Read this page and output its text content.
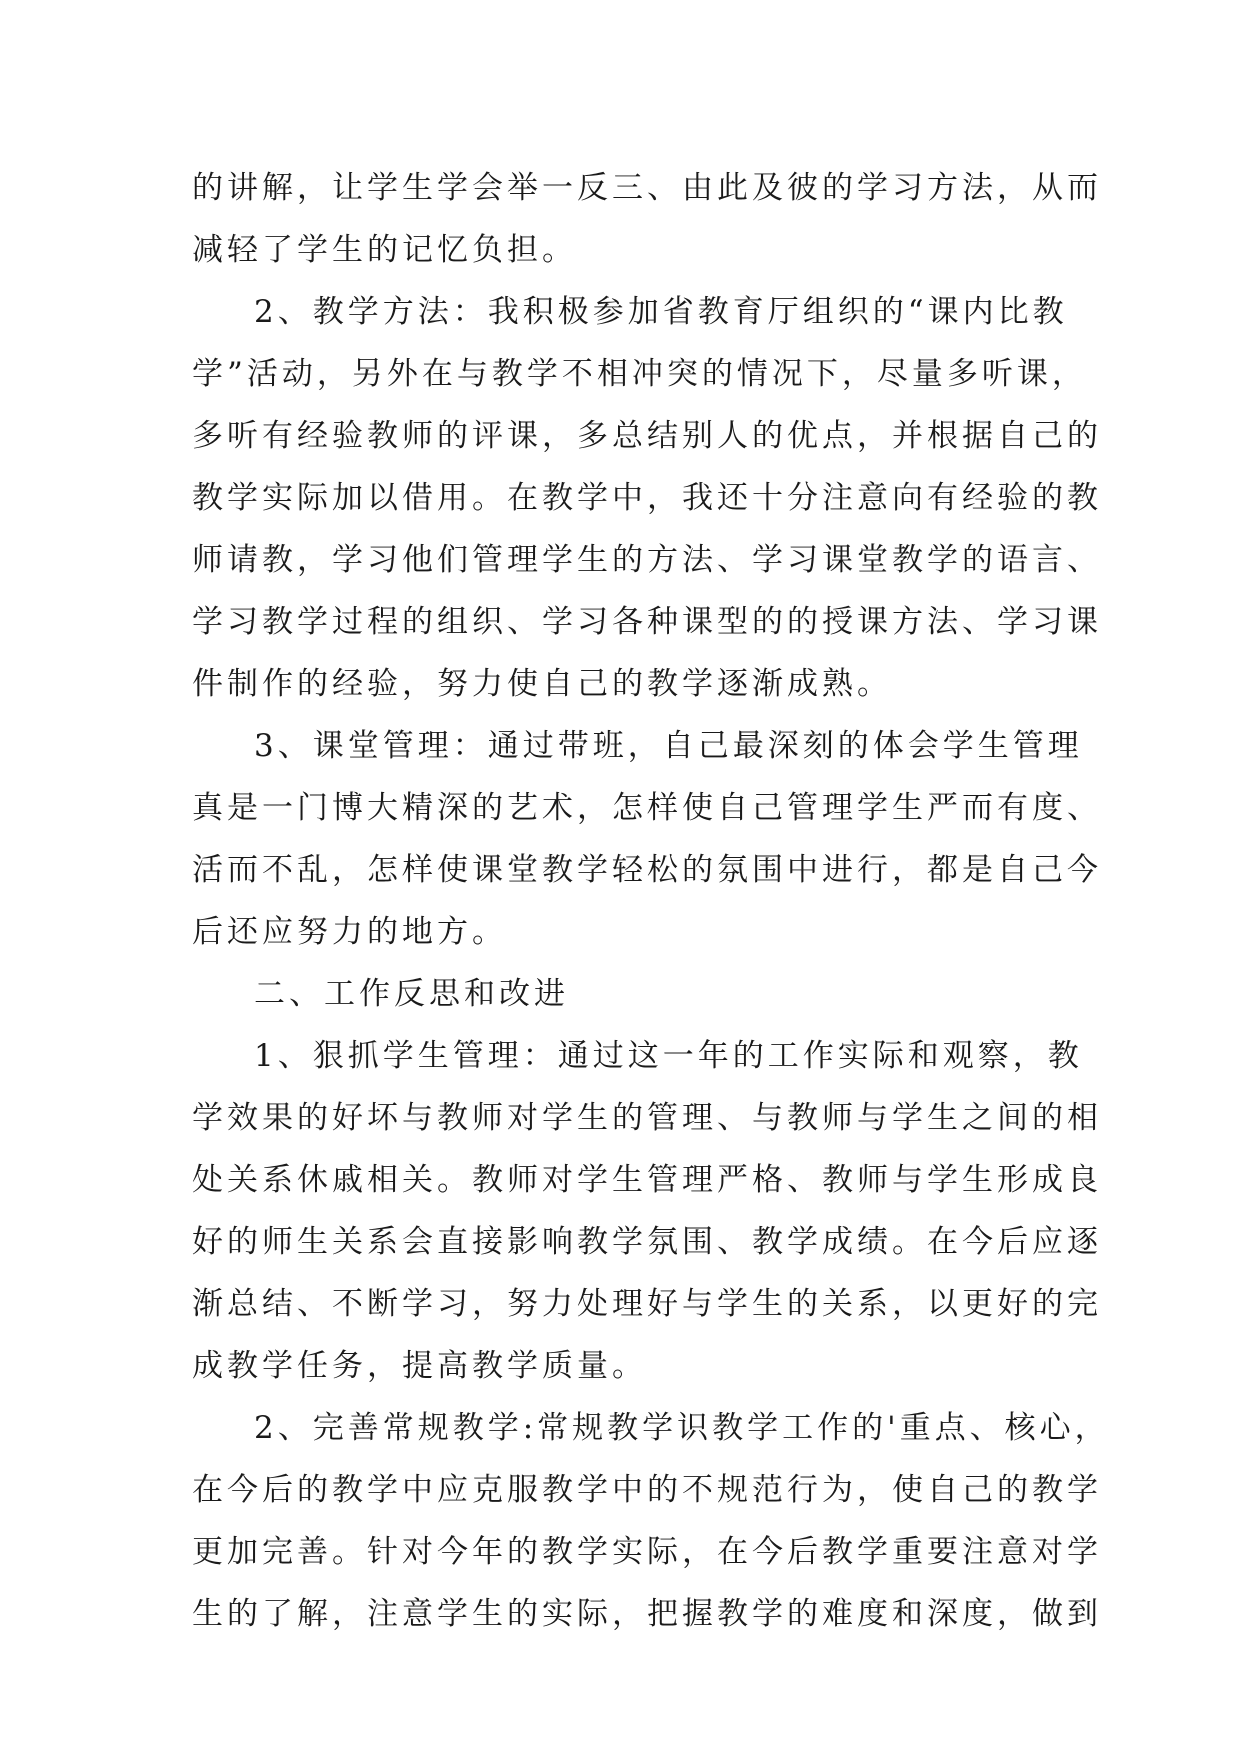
的讲解，让学生学会举一反三、由此及彼的学习方法，从而
减轻了学生的记忆负担。
2、教学方法：我积极参加省教育厅组织的“课内比教
学”活动，另外在与教学不相冲突的情况下，尽量多听课，
多听有经验教师的评课，多总结别人的优点，并根据自己的
教学实际加以借用。在教学中，我还十分注意向有经验的教
师请教，学习他们管理学生的方法、学习课堂教学的语言、
学习教学过程的组织、学习各种课型的的授课方法、学习课
件制作的经验，努力使自己的教学逐渐成熟。
3、课堂管理：通过带班，自己最深刻的体会学生管理
真是一门博大精深的艺术，怎样使自己管理学生严而有度、
活而不乱，怎样使课堂教学轻松的氛围中进行，都是自己今
后还应努力的地方。
二、工作反思和改进
1、狠抓学生管理：通过这一年的工作实际和观察，教
学效果的好坏与教师对学生的管理、与教师与学生之间的相
处关系休戚相关。教师对学生管理严格、教师与学生形成良
好的师生关系会直接影响教学氛围、教学成绩。在今后应逐
渐总结、不断学习，努力处理好与学生的关系，以更好的完
成教学任务，提高教学质量。
2、完善常规教学:常规教学识教学工作的'重点、核心，
在今后的教学中应克服教学中的不规范行为，使自己的教学
更加完善。针对今年的教学实际，在今后教学重要注意对学
生的了解，注意学生的实际，把握教学的难度和深度，做到
